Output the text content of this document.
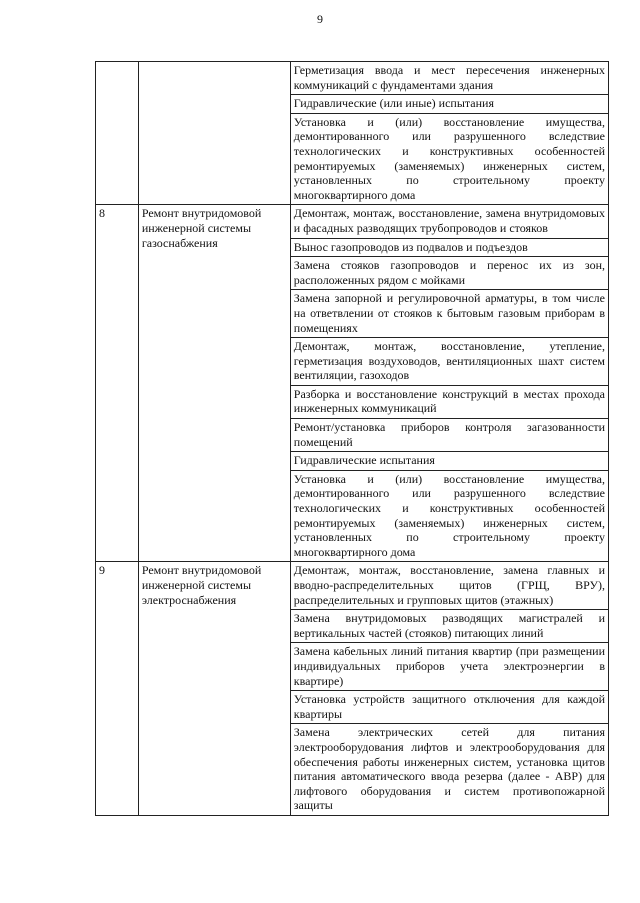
9
		Герметизация ввода и мест пересечения инженерных коммуникаций с фундаментами здания
		Гидравлические (или иные) испытания
		Установка и (или) восстановление имущества, демонтированного или разрушенного вследствие технологических и конструктивных особенностей ремонтируемых (заменяемых) инженерных систем, установленных по строительному проекту многоквартирного дома
8	Ремонт внутридомовой инженерной системы газоснабжения	Демонтаж, монтаж, восстановление, замена внутридомовых и фасадных разводящих трубопроводов и стояков
		Вынос газопроводов из подвалов и подъездов
		Замена стояков газопроводов и перенос их из зон, расположенных рядом с мойками
		Замена запорной и регулировочной арматуры, в том числе на ответвлении от стояков к бытовым газовым приборам в помещениях
		Демонтаж, монтаж, восстановление, утепление, герметизация воздуховодов, вентиляционных шахт систем вентиляции, газоходов
		Разборка и восстановление конструкций в местах прохода инженерных коммуникаций
		Ремонт/установка приборов контроля загазованности помещений
		Гидравлические испытания
		Установка и (или) восстановление имущества, демонтированного или разрушенного вследствие технологических и конструктивных особенностей ремонтируемых (заменяемых) инженерных систем, установленных по строительному проекту многоквартирного дома
9	Ремонт внутридомовой инженерной системы электроснабжения	Демонтаж, монтаж, восстановление, замена главных и вводно-распределительных щитов (ГРЩ, ВРУ), распределительных и групповых щитов (этажных)
		Замена внутридомовых разводящих магистралей и вертикальных частей (стояков) питающих линий
		Замена кабельных линий питания квартир (при размещении индивидуальных приборов учета электроэнергии в квартире)
		Установка устройств защитного отключения для каждой квартиры
		Замена электрических сетей для питания электрооборудования лифтов и электрооборудования для обеспечения работы инженерных систем, установка щитов питания автоматического ввода резерва (далее - АВР) для лифтового оборудования и систем противопожарной защиты
